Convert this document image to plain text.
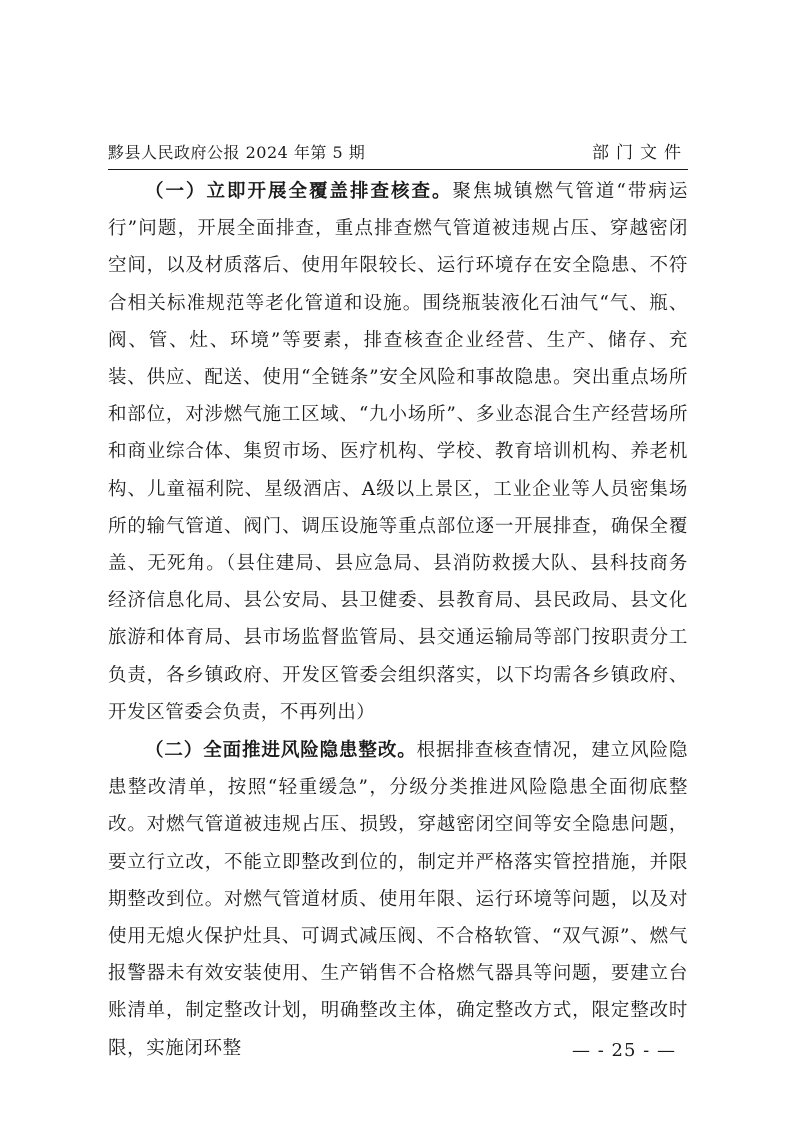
黟县人民政府公报 2024 年第 5 期	部门文件

（一）立即开展全覆盖排查核查。聚焦城镇燃气管道“带病运行”问题，开展全面排查，重点排查燃气管道被违规占压、穿越密闭空间，以及材质落后、使用年限较长、运行环境存在安全隐患、不符合相关标准规范等老化管道和设施。围绕瓶装液化石油气“气、瓶、阀、管、灶、环境”等要素，排查核查企业经营、生产、储存、充装、供应、配送、使用“全链条”安全风险和事故隐患。突出重点场所和部位，对涉燃气施工区域、“九小场所”、多业态混合生产经营场所和商业综合体、集贸市场、医疗机构、学校、教育培训机构、养老机构、儿童福利院、星级酒店、A级以上景区，工业企业等人员密集场所的输气管道、阀门、调压设施等重点部位逐一开展排查，确保全覆盖、无死角。（县住建局、县应急局、县消防救援大队、县科技商务经济信息化局、县公安局、县卫健委、县教育局、县民政局、县文化旅游和体育局、县市场监督监管局、县交通运输局等部门按职责分工负责，各乡镇政府、开发区管委会组织落实，以下均需各乡镇政府、开发区管委会负责，不再列出）

（二）全面推进风险隐患整改。根据排查核查情况，建立风险隐患整改清单，按照“轻重缓急”，分级分类推进风险隐患全面彻底整改。对燃气管道被违规占压、损毁，穿越密闭空间等安全隐患问题，要立行立改，不能立即整改到位的，制定并严格落实管控措施，并限期整改到位。对燃气管道材质、使用年限、运行环境等问题，以及对使用无熄火保护灶具、可调式减压阀、不合格软管、“双气源”、燃气报警器未有效安装使用、生产销售不合格燃气器具等问题，要建立台账清单，制定整改计划，明确整改主体，确定整改方式，限定整改时限，实施闭环整	— - 25 - —
